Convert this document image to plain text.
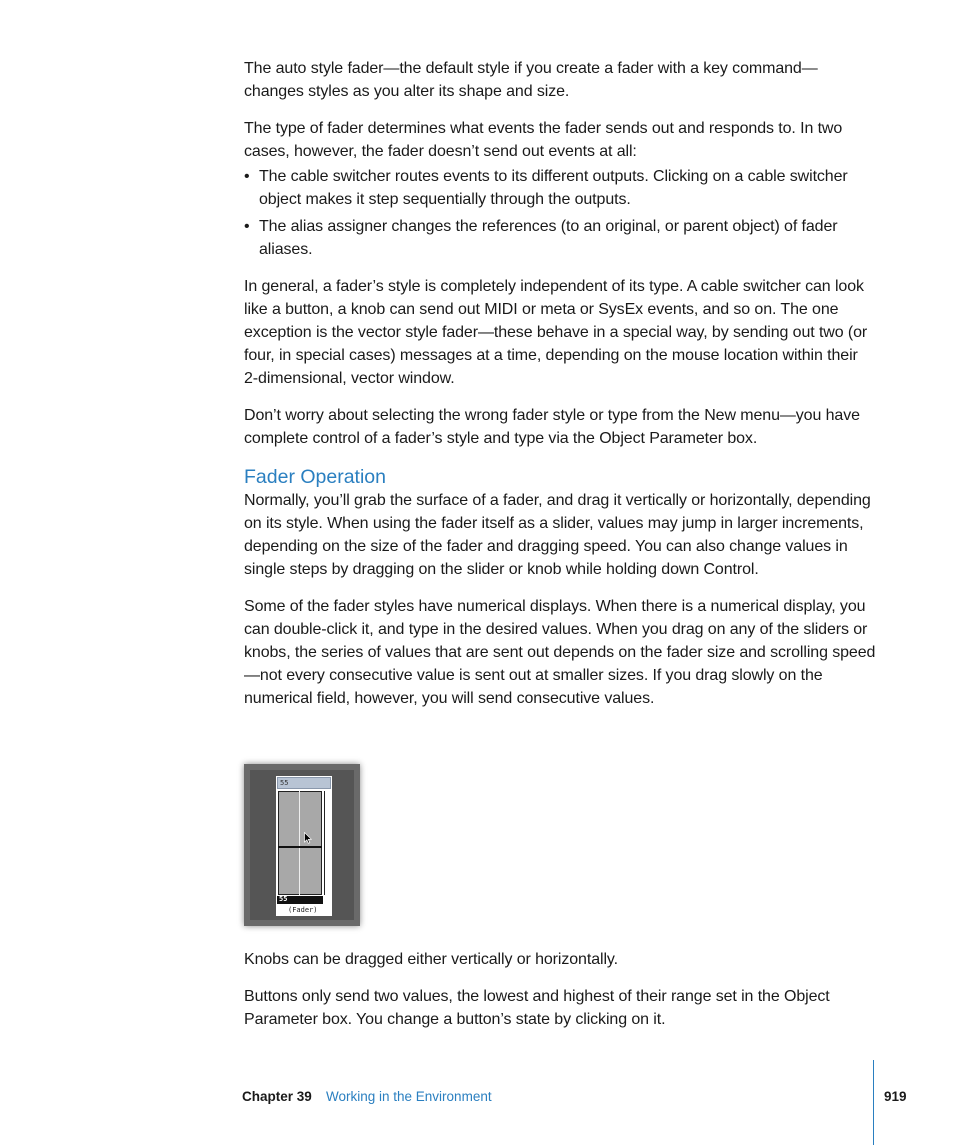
The auto style fader—the default style if you create a fader with a key command—changes styles as you alter its shape and size.

The type of fader determines what events the fader sends out and responds to. In two cases, however, the fader doesn’t send out events at all:

• The cable switcher routes events to its different outputs. Clicking on a cable switcher object makes it step sequentially through the outputs.
• The alias assigner changes the references (to an original, or parent object) of fader aliases.

In general, a fader’s style is completely independent of its type. A cable switcher can look like a button, a knob can send out MIDI or meta or SysEx events, and so on. The one exception is the vector style fader—these behave in a special way, by sending out two (or four, in special cases) messages at a time, depending on the mouse location within their 2-dimensional, vector window.

Don’t worry about selecting the wrong fader style or type from the New menu—you have complete control of a fader’s style and type via the Object Parameter box.

Fader Operation

Normally, you’ll grab the surface of a fader, and drag it vertically or horizontally, depending on its style. When using the fader itself as a slider, values may jump in larger increments, depending on the size of the fader and dragging speed. You can also change values in single steps by dragging on the slider or knob while holding down Control.

Some of the fader styles have numerical displays. When there is a numerical display, you can double-click it, and type in the desired values. When you drag on any of the sliders or knobs, the series of values that are sent out depends on the fader size and scrolling speed—not every consecutive value is sent out at smaller sizes. If you drag slowly on the numerical field, however, you will send consecutive values.

55
55
(Fader)

Knobs can be dragged either vertically or horizontally.

Buttons only send two values, the lowest and highest of their range set in the Object Parameter box. You change a button’s state by clicking on it.

Chapter 39 Working in the Environment	919
